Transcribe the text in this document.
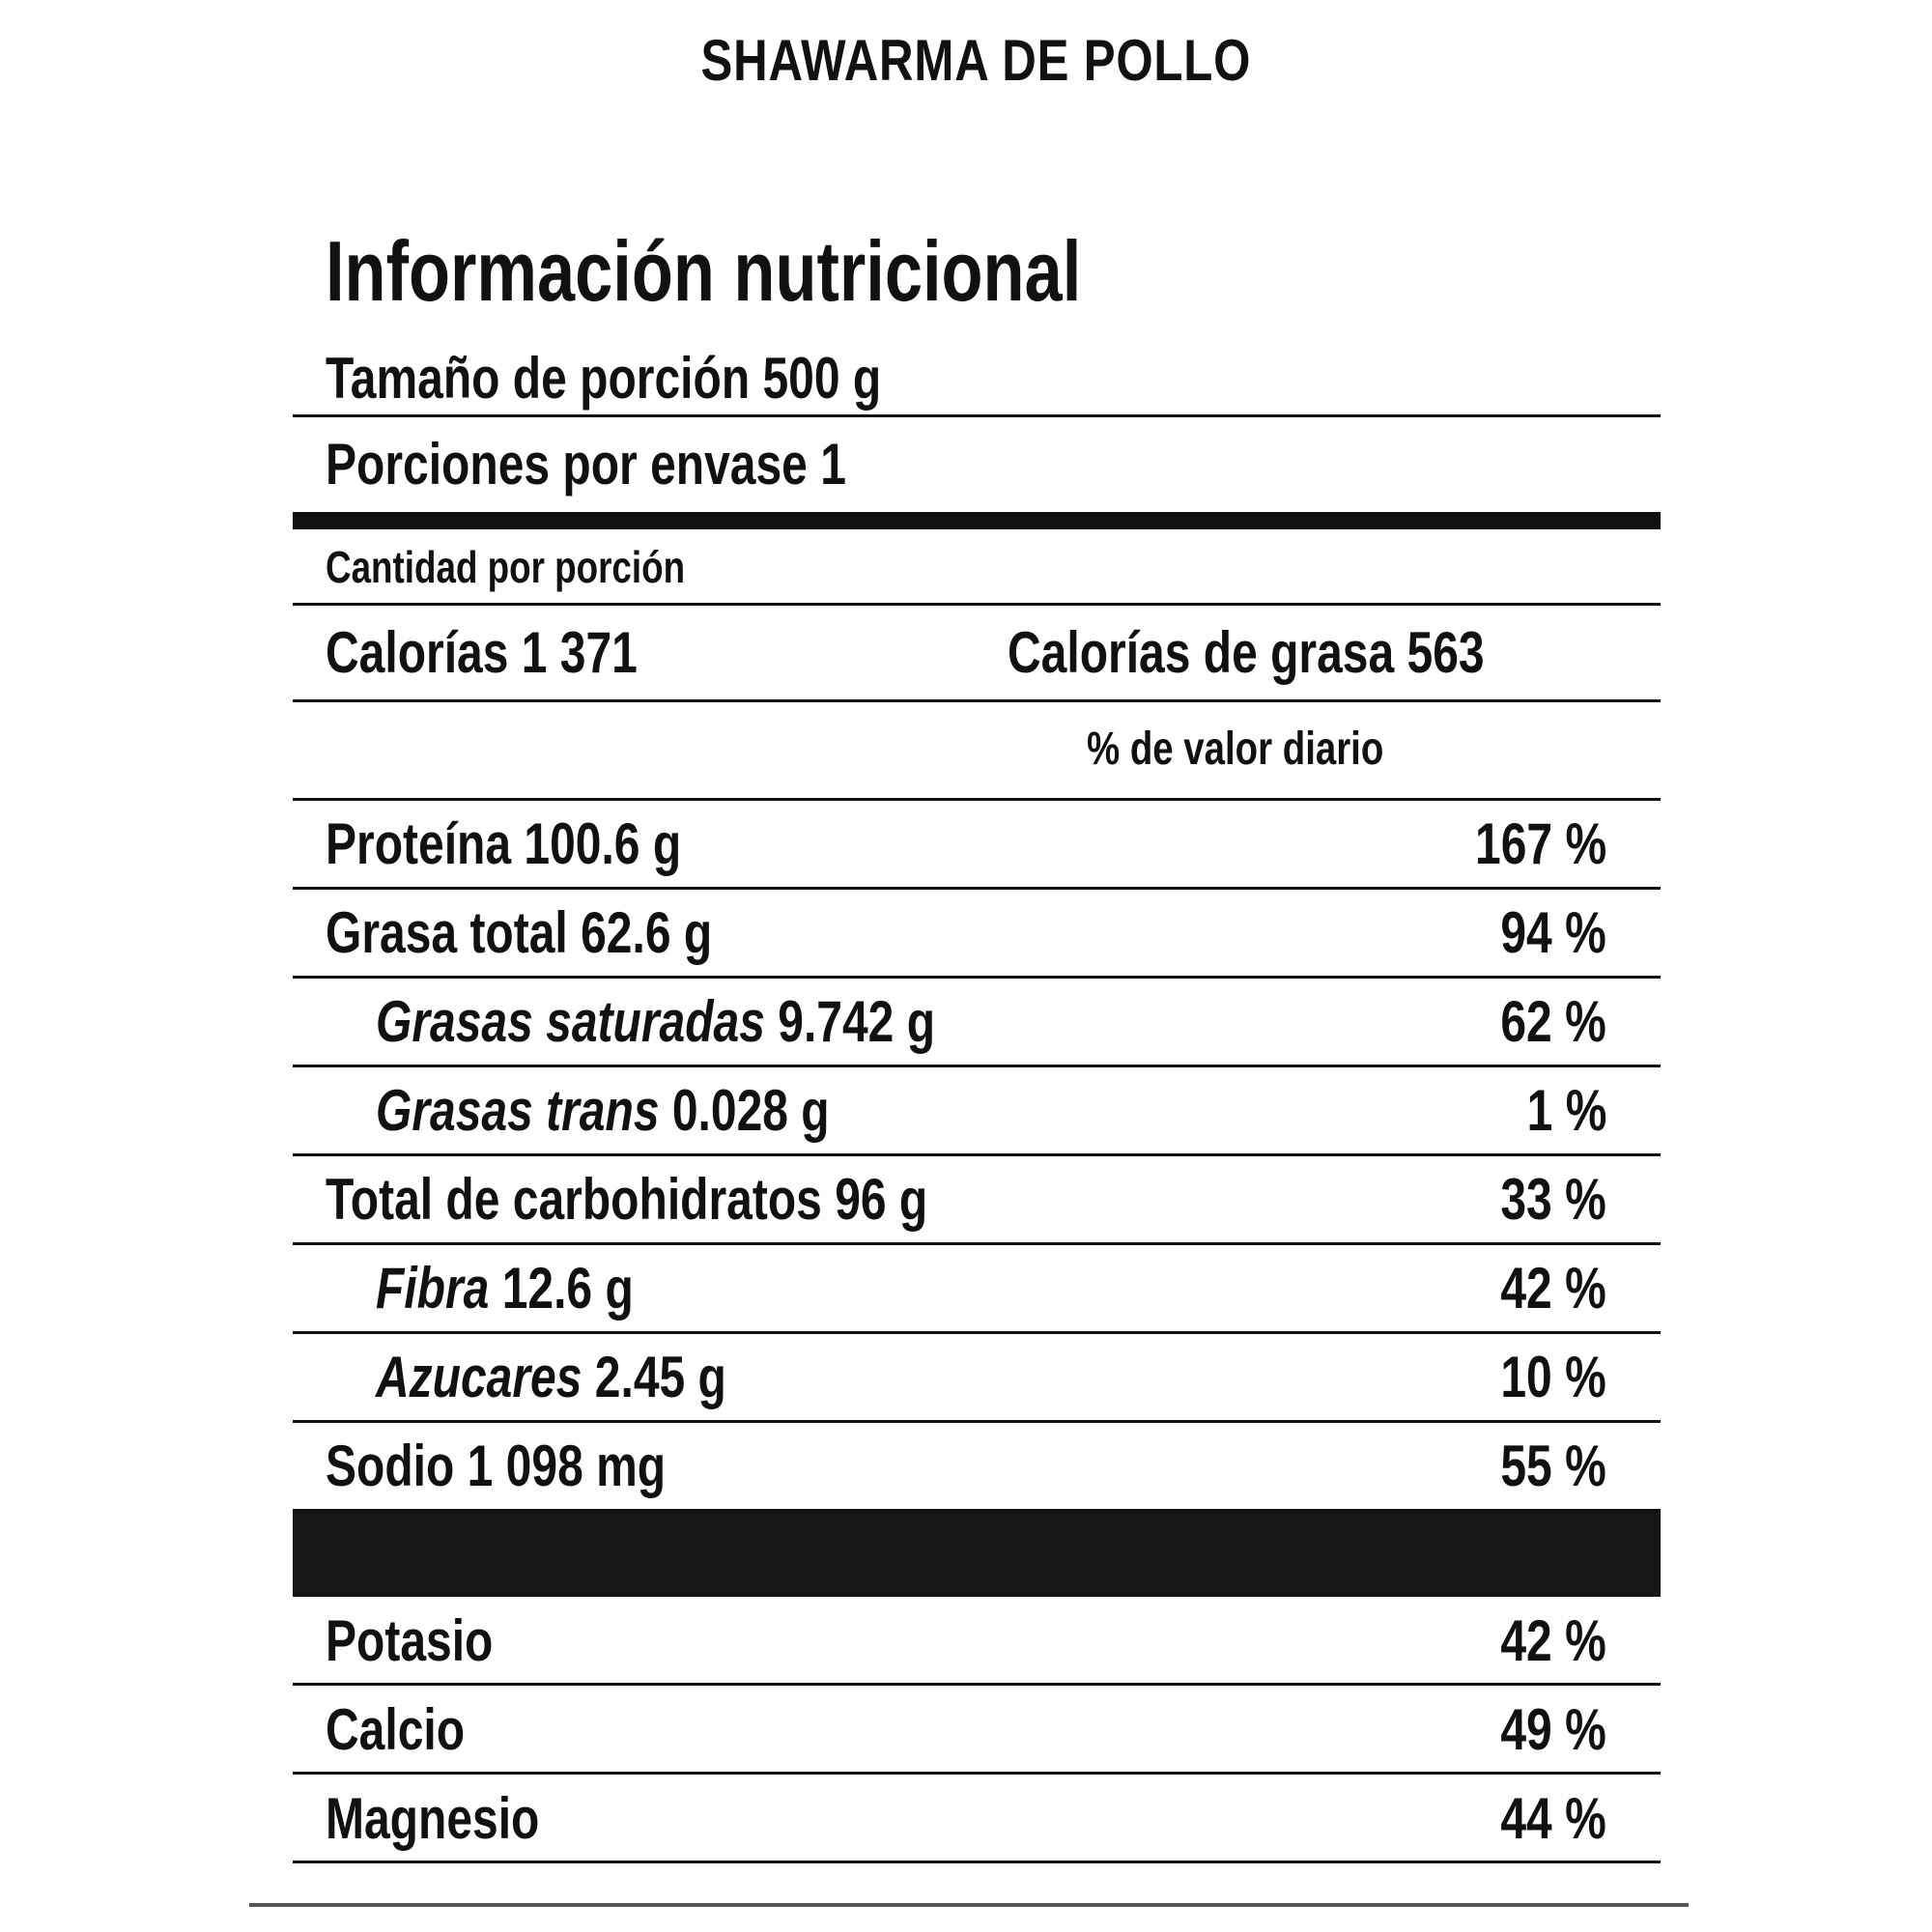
SHAWARMA DE POLLO
Información nutricional
Tamaño de porción 500 g
Porciones por envase 1
Cantidad por porción
Calorías 1 371	Calorías de grasa 563
% de valor diario
Proteína 100.6 g	167 %
Grasa total 62.6 g	94 %
Grasas saturadas 9.742 g	62 %
Grasas trans 0.028 g	1 %
Total de carbohidratos 96 g	33 %
Fibra 12.6 g	42 %
Azucares 2.45 g	10 %
Sodio 1 098 mg	55 %
Potasio	42 %
Calcio	49 %
Magnesio	44 %
